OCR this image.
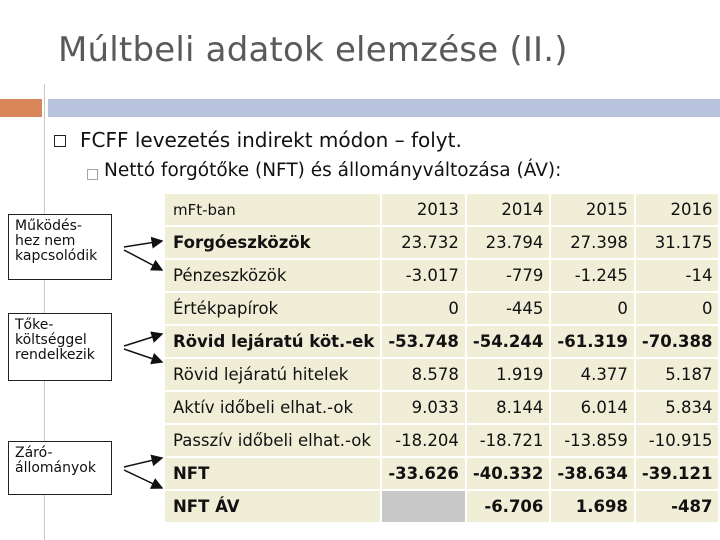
Múltbeli adatok elemzése (II.)
FCFF levezetés indirekt módon – folyt.
□ Nettó forgótőke (NFT) és állományváltozása (ÁV):
Működés-
hez nem
kapcsolódik
Tőke-
költséggel
rendelkezik
Záró-
állományok
mFt-ban	2013	2014	2015	2016
Forgóeszközök	23.732	23.794	27.398	31.175
Pénzeszközök	-3.017	-779	-1.245	-14
Értékpapírok	0	-445	0	0
Rövid lejáratú köt.-ek	-53.748	-54.244	-61.319	-70.388
Rövid lejáratú hitelek	8.578	1.919	4.377	5.187
Aktív időbeli elhat.-ok	9.033	8.144	6.014	5.834
Passzív időbeli elhat.-ok	-18.204	-18.721	-13.859	-10.915
NFT	-33.626	-40.332	-38.634	-39.121
NFT ÁV		-6.706	1.698	-487
